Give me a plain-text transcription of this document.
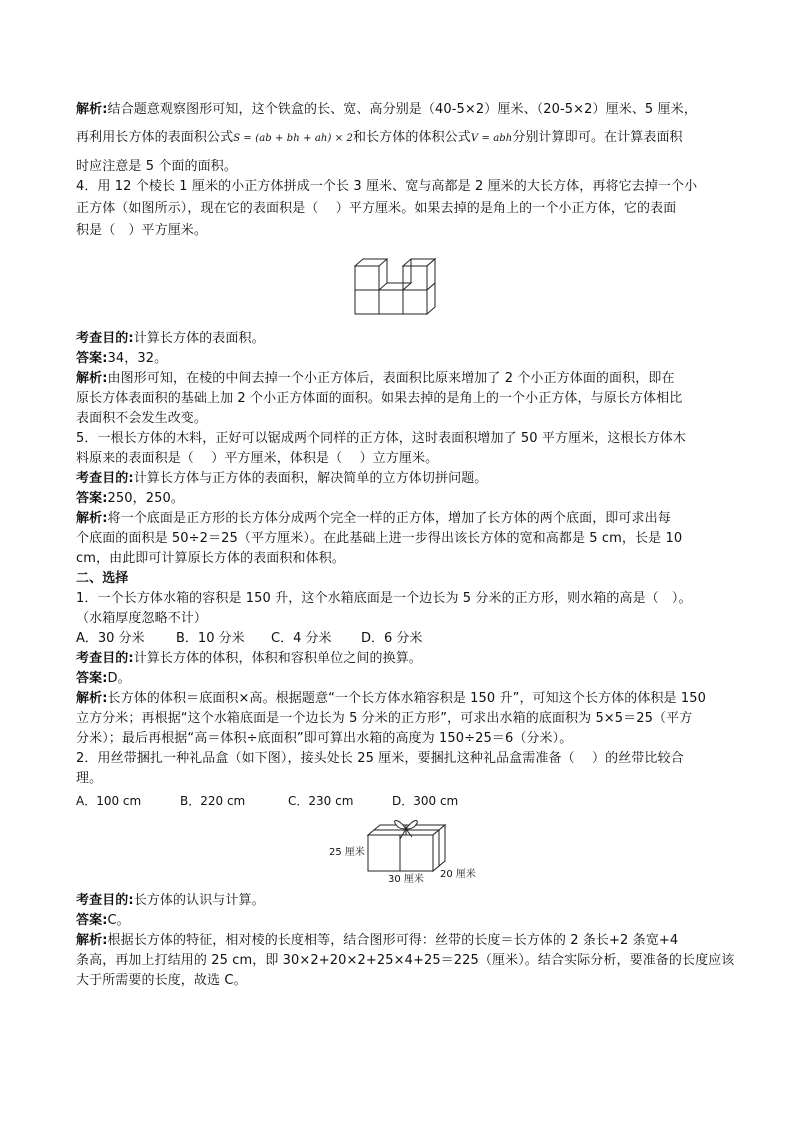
解析:结合题意观察图形可知，这个铁盒的长、宽、高分别是（40-5×2）厘米、（20-5×2）厘米、5 厘米，

再利用长方体的表面积公式S = (ab + bh + ah) × 2和长方体的体积公式V = abh分别计算即可。在计算表面积

时应注意是 5 个面的面积。

4．用 12 个棱长 1 厘米的小正方体拼成一个长 3 厘米、宽与高都是 2 厘米的大长方体，再将它去掉一个小

正方体（如图所示），现在它的表面积是（　 ）平方厘米。如果去掉的是角上的一个小正方体，它的表面

积是（　）平方厘米。

考查目的:计算长方体的表面积。

答案:34，32。

解析:由图形可知，在棱的中间去掉一个小正方体后，表面积比原来增加了 2 个小正方体面的面积，即在

原长方体表面积的基础上加 2 个小正方体面的面积。如果去掉的是角上的一个小正方体，与原长方体相比

表面积不会发生改变。

5．一根长方体的木料，正好可以锯成两个同样的正方体，这时表面积增加了 50 平方厘米，这根长方体木

料原来的表面积是（　 ）平方厘米，体积是（　 ）立方厘米。

考查目的:计算长方体与正方体的表面积，解决简单的立方体切拼问题。

答案:250，250。

解析:将一个底面是正方形的长方体分成两个完全一样的正方体，增加了长方体的两个底面，即可求出每

个底面的面积是 50÷2＝25（平方厘米）。在此基础上进一步得出该长方体的宽和高都是 5 cm，长是 10

cm，由此即可计算原长方体的表面积和体积。

二、选择

1．一个长方体水箱的容积是 150 升，这个水箱底面是一个边长为 5 分米的正方形，则水箱的高是（　）。

（水箱厚度忽略不计）

A．30 分米	B．10 分米	C．4 分米	D．6 分米

考查目的:计算长方体的体积，体积和容积单位之间的换算。

答案:D。

解析:长方体的体积＝底面积×高。根据题意“一个长方体水箱容积是 150 升”，可知这个长方体的体积是 150

立方分米；再根据“这个水箱底面是一个边长为 5 分米的正方形”，可求出水箱的底面积为 5×5＝25（平方

分米）；最后再根据“高＝体积÷底面积”即可算出水箱的高度为 150÷25＝6（分米）。

2．用丝带捆扎一种礼品盒（如下图），接头处长 25 厘米，要捆扎这种礼品盒需准备（　 ）的丝带比较合

理。

A．100 cm	B．220 cm	C．230 cm	D．300 cm
25 厘米
30 厘米 20 厘米

考查目的:长方体的认识与计算。

答案:C。

解析:根据长方体的特征，相对棱的长度相等，结合图形可得：丝带的长度＝长方体的 2 条长+2 条宽+4

条高，再加上打结用的 25 cm，即 30×2+20×2+25×4+25＝225（厘米）。结合实际分析，要准备的长度应该

大于所需要的长度，故选 C。
